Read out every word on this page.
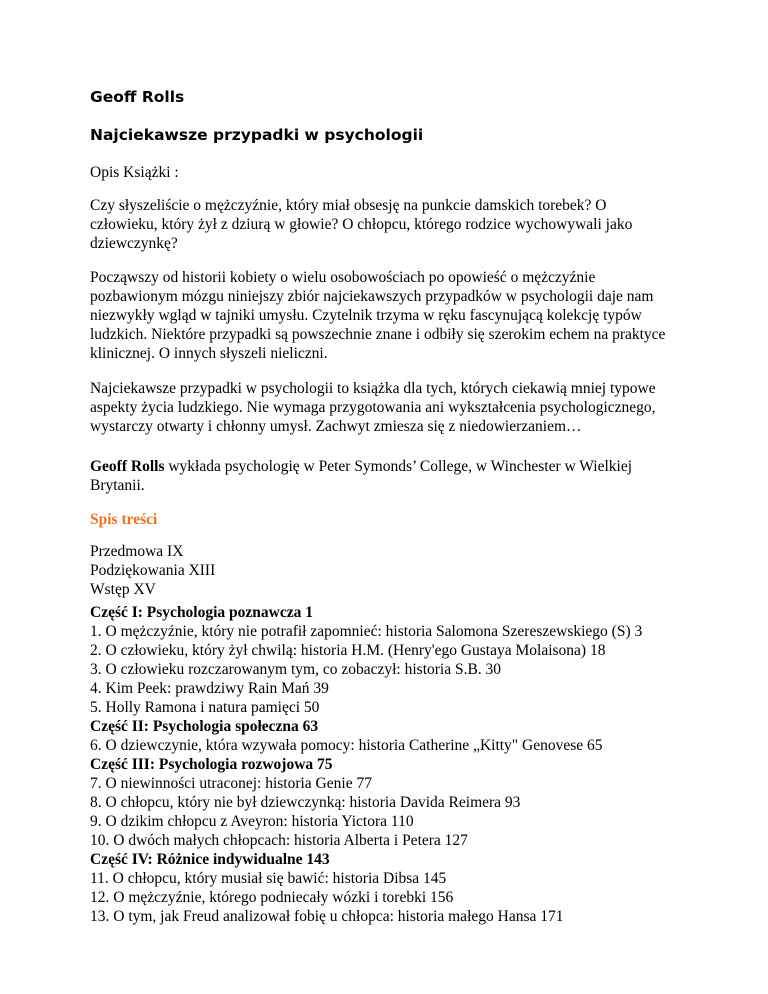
Geoff Rolls
Najciekawsze przypadki w psychologii

Opis Książki :

Czy słyszeliście o mężczyźnie, który miał obsesję na punkcie damskich torebek? O
człowieku, który żył z dziurą w głowie? O chłopcu, którego rodzice wychowywali jako
dziewczynkę?

Począwszy od historii kobiety o wielu osobowościach po opowieść o mężczyźnie
pozbawionym mózgu niniejszy zbiór najciekawszych przypadków w psychologii daje nam
niezwykły wgląd w tajniki umysłu. Czytelnik trzyma w ręku fascynującą kolekcję typów
ludzkich. Niektóre przypadki są powszechnie znane i odbiły się szerokim echem na praktyce
klinicznej. O innych słyszeli nieliczni.

Najciekawsze przypadki w psychologii to książka dla tych, których ciekawią mniej typowe
aspekty życia ludzkiego. Nie wymaga przygotowania ani wykształcenia psychologicznego,
wystarczy otwarty i chłonny umysł. Zachwyt zmiesza się z niedowierzaniem…

Geoff Rolls wykłada psychologię w Peter Symonds’ College, w Winchester w Wielkiej
Brytanii.

Spis treści

Przedmowa IX
Podziękowania XIII
Wstęp XV

Część I: Psychologia poznawcza 1
1. O mężczyźnie, który nie potrafił zapomnieć: historia Salomona Szereszewskiego (S) 3
2. O człowieku, który żył chwilą: historia H.M. (Henry'ego Gustaya Molaisona) 18
3. O człowieku rozczarowanym tym, co zobaczył: historia S.B. 30
4. Kim Peek: prawdziwy Rain Mań 39
5. Holly Ramona i natura pamięci 50
Część II: Psychologia społeczna 63
6. O dziewczynie, która wzywała pomocy: historia Catherine „Kitty" Genovese 65
Część III: Psychologia rozwojowa 75
7. O niewinności utraconej: historia Genie 77
8. O chłopcu, który nie był dziewczynką: historia Davida Reimera 93
9. O dzikim chłopcu z Aveyron: historia Yictora 110
10. O dwóch małych chłopcach: historia Alberta i Petera 127
Część IV: Różnice indywidualne 143
11. O chłopcu, który musiał się bawić: historia Dibsa 145
12. O mężczyźnie, którego podniecały wózki i torebki 156
13. O tym, jak Freud analizował fobię u chłopca: historia małego Hansa 171
